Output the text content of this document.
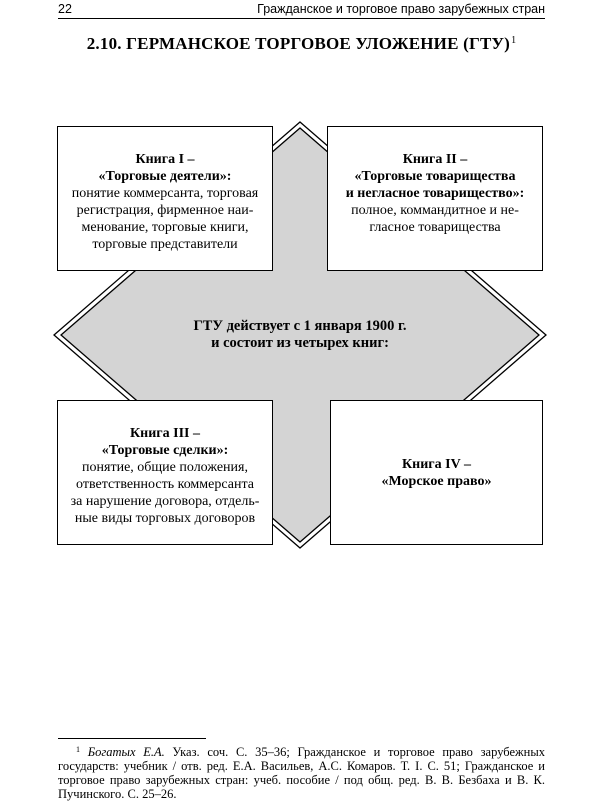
22	Гражданское и торговое право зарубежных стран
2.10. ГЕРМАНСКОЕ ТОРГОВОЕ УЛОЖЕНИЕ (ГТУ)$^1$
Книга I –
«Торговые деятели»:
понятие коммерсанта, торговая
регистрация, фирменное наи-
менование, торговые книги,
торговые представители
Книга II –
«Торговые товарищества
и негласное товарищество»:
полное, коммандитное и не-
гласное товарищества
ГТУ действует с 1 января 1900 г.
и состоит из четырех книг:
Книга III –
«Торговые сделки»:
понятие, общие положения,
ответственность коммерсанта
за нарушение договора, отдель-
ные виды торговых договоров
Книга IV –
«Морское право»
$^1$ Богатых Е.А. Указ. соч. С. 35–36; Гражданское и торговое право зарубежных государств: учебник / отв. ред. Е.А. Васильев, А.С. Комаров. Т. I. С. 51; Гражданское и торговое право зарубежных стран: учеб. пособие / под общ. ред. В. В. Безбаха и В. К. Пучинского. С. 25–26.
